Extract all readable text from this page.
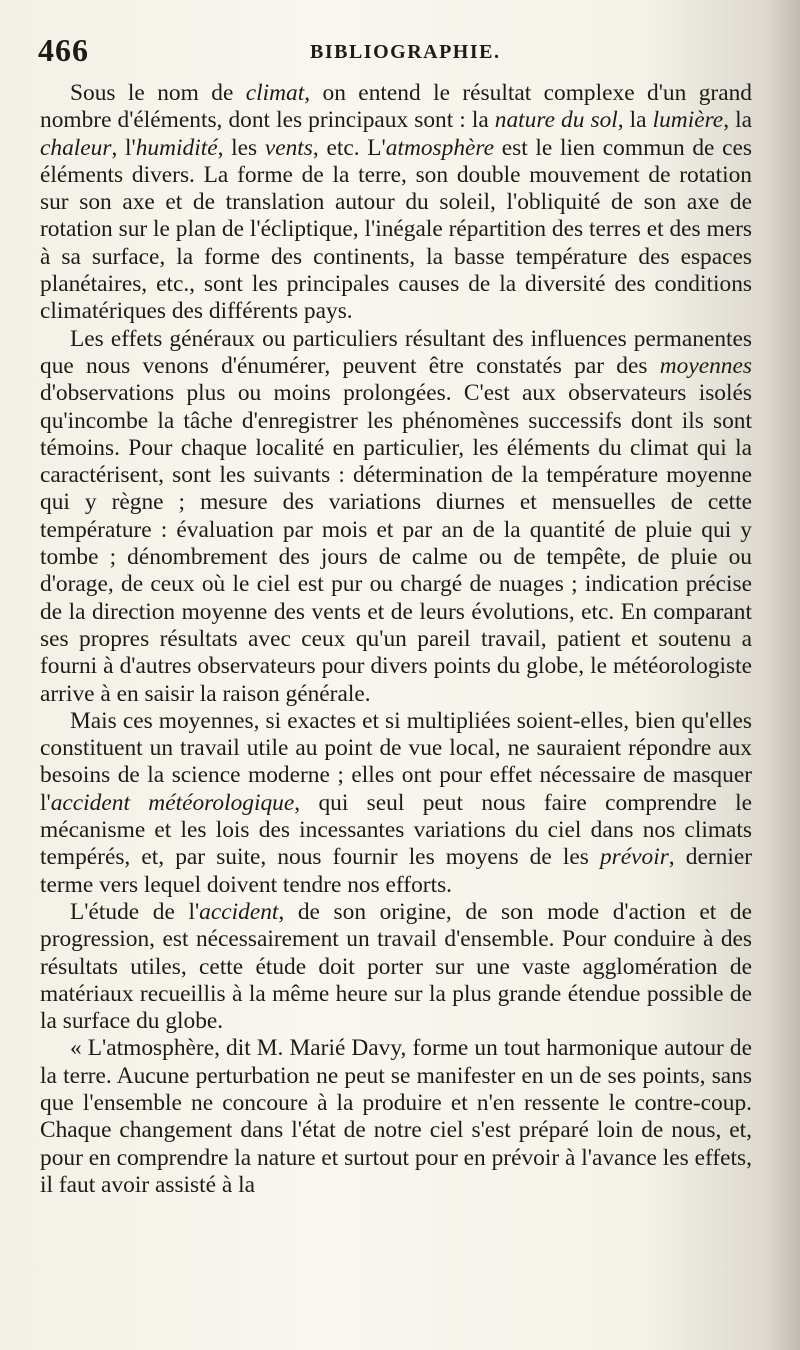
466	BIBLIOGRAPHIE.

Sous le nom de climat, on entend le résultat complexe d'un grand nombre d'éléments, dont les principaux sont : la nature du sol, la lumière, la chaleur, l'humidité, les vents, etc. L'atmosphère est le lien commun de ces éléments divers. La forme de la terre, son double mouvement de rotation sur son axe et de translation autour du soleil, l'obliquité de son axe de rotation sur le plan de l'écliptique, l'inégale répartition des terres et des mers à sa surface, la forme des continents, la basse température des espaces planétaires, etc., sont les principales causes de la diversité des conditions climatériques des différents pays.

Les effets généraux ou particuliers résultant des influences permanentes que nous venons d'énumérer, peuvent être constatés par des moyennes d'observations plus ou moins prolongées. C'est aux observateurs isolés qu'incombe la tâche d'enregistrer les phénomènes successifs dont ils sont témoins. Pour chaque localité en particulier, les éléments du climat qui la caractérisent, sont les suivants : détermination de la température moyenne qui y règne ; mesure des variations diurnes et mensuelles de cette température : évaluation par mois et par an de la quantité de pluie qui y tombe ; dénombrement des jours de calme ou de tempête, de pluie ou d'orage, de ceux où le ciel est pur ou chargé de nuages ; indication précise de la direction moyenne des vents et de leurs évolutions, etc. En comparant ses propres résultats avec ceux qu'un pareil travail, patient et soutenu a fourni à d'autres observateurs pour divers points du globe, le météorologiste arrive à en saisir la raison générale.

Mais ces moyennes, si exactes et si multipliées soient-elles, bien qu'elles constituent un travail utile au point de vue local, ne sauraient répondre aux besoins de la science moderne ; elles ont pour effet nécessaire de masquer l'accident météorologique, qui seul peut nous faire comprendre le mécanisme et les lois des incessantes variations du ciel dans nos climats tempérés, et, par suite, nous fournir les moyens de les prévoir, dernier terme vers lequel doivent tendre nos efforts.

L'étude de l'accident, de son origine, de son mode d'action et de progression, est nécessairement un travail d'ensemble. Pour conduire à des résultats utiles, cette étude doit porter sur une vaste agglomération de matériaux recueillis à la même heure sur la plus grande étendue possible de la surface du globe.

« L'atmosphère, dit M. Marié Davy, forme un tout harmonique autour de la terre. Aucune perturbation ne peut se manifester en un de ses points, sans que l'ensemble ne concoure à la produire et n'en ressente le contre-coup. Chaque changement dans l'état de notre ciel s'est préparé loin de nous, et, pour en comprendre la nature et surtout pour en prévoir à l'avance les effets, il faut avoir assisté à la
